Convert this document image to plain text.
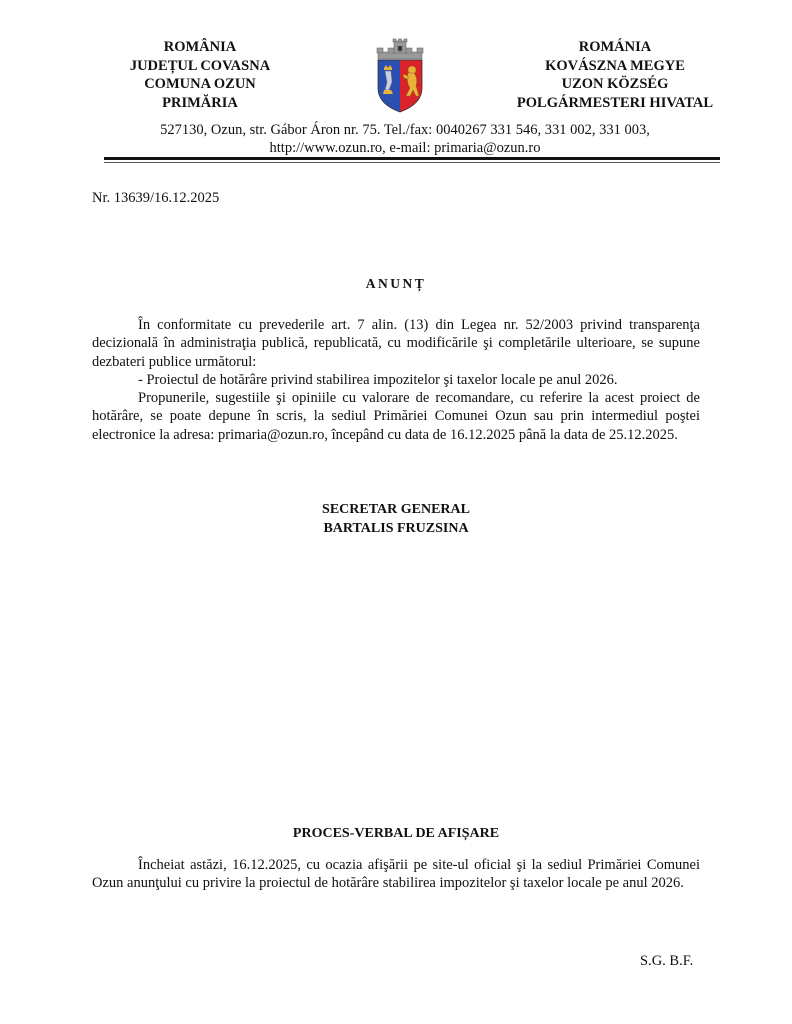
ROMÂNIA
JUDEȚUL COVASNA
COMUNA OZUN
PRIMĂRIA
ROMÁNIA
KOVÁSZNA MEGYE
UZON KÖZSÉG
POLGÁRMESTERI HIVATAL
527130, Ozun, str. Gábor Áron nr. 75. Tel./fax: 0040267 331 546, 331 002, 331 003,
http://www.ozun.ro, e-mail: primaria@ozun.ro
Nr. 13639/16.12.2025
ANUNȚ
În conformitate cu prevederile art. 7 alin. (13) din Legea nr. 52/2003 privind transparenţa decizională în administraţia publică, republicată, cu modificările şi completările ulterioare, se supune dezbateri publice următorul:
- Proiectul de hotărâre privind stabilirea impozitelor şi taxelor locale pe anul 2026.
Propunerile, sugestiile şi opiniile cu valorare de recomandare, cu referire la acest proiect de hotărâre, se poate depune în scris, la sediul Primăriei Comunei Ozun sau prin intermediul poştei electronice la adresa: primaria@ozun.ro, începând cu data de 16.12.2025 până la data de 25.12.2025.
SECRETAR GENERAL
BARTALIS FRUZSINA
PROCES-VERBAL DE AFIȘARE
Încheiat astăzi, 16.12.2025, cu ocazia afişării pe site-ul oficial şi la sediul Primăriei Comunei Ozun anunţului cu privire la proiectul de hotărâre stabilirea impozitelor şi taxelor locale pe anul 2026.
S.G. B.F.
